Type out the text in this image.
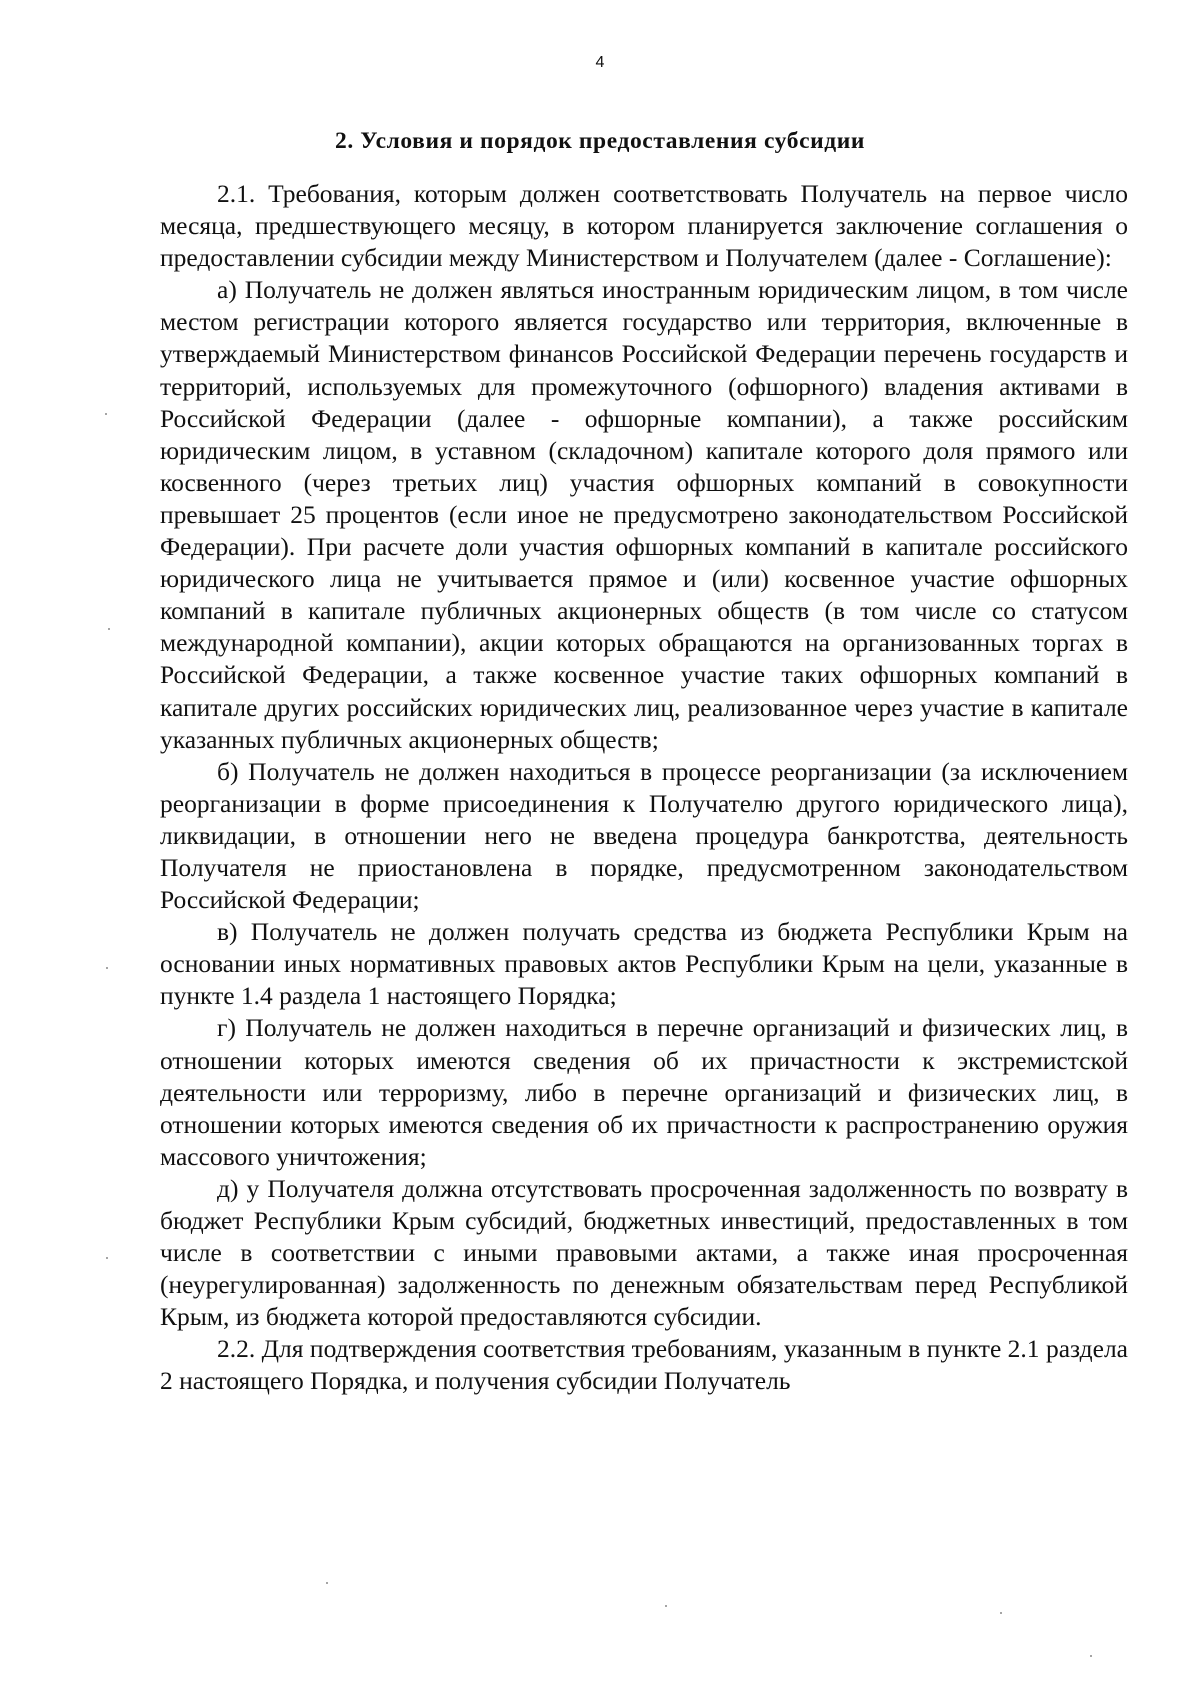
4
2. Условия и порядок предоставления субсидии

2.1. Требования, которым должен соответствовать Получатель на первое число месяца, предшествующего месяцу, в котором планируется заключение соглашения о предоставлении субсидии между Министерством и Получателем (далее - Соглашение):

а) Получатель не должен являться иностранным юридическим лицом, в том числе местом регистрации которого является государство или территория, включенные в утверждаемый Министерством финансов Российской Федерации перечень государств и территорий, используемых для промежуточного (офшорного) владения активами в Российской Федерации (далее - офшорные компании), а также российским юридическим лицом, в уставном (складочном) капитале которого доля прямого или косвенного (через третьих лиц) участия офшорных компаний в совокупности превышает 25 процентов (если иное не предусмотрено законодательством Российской Федерации). При расчете доли участия офшорных компаний в капитале российского юридического лица не учитывается прямое и (или) косвенное участие офшорных компаний в капитале публичных акционерных обществ (в том числе со статусом международной компании), акции которых обращаются на организованных торгах в Российской Федерации, а также косвенное участие таких офшорных компаний в капитале других российских юридических лиц, реализованное через участие в капитале указанных публичных акционерных обществ;

б) Получатель не должен находиться в процессе реорганизации (за исключением реорганизации в форме присоединения к Получателю другого юридического лица), ликвидации, в отношении него не введена процедура банкротства, деятельность Получателя не приостановлена в порядке, предусмотренном законодательством Российской Федерации;

в) Получатель не должен получать средства из бюджета Республики Крым на основании иных нормативных правовых актов Республики Крым на цели, указанные в пункте 1.4 раздела 1 настоящего Порядка;

г) Получатель не должен находиться в перечне организаций и физических лиц, в отношении которых имеются сведения об их причастности к экстремистской деятельности или терроризму, либо в перечне организаций и физических лиц, в отношении которых имеются сведения об их причастности к распространению оружия массового уничтожения;

д) у Получателя должна отсутствовать просроченная задолженность по возврату в бюджет Республики Крым субсидий, бюджетных инвестиций, предоставленных в том числе в соответствии с иными правовыми актами, а также иная просроченная (неурегулированная) задолженность по денежным обязательствам перед Республикой Крым, из бюджета которой предоставляются субсидии.

2.2. Для подтверждения соответствия требованиям, указанным в пункте 2.1 раздела 2 настоящего Порядка, и получения субсидии Получатель
